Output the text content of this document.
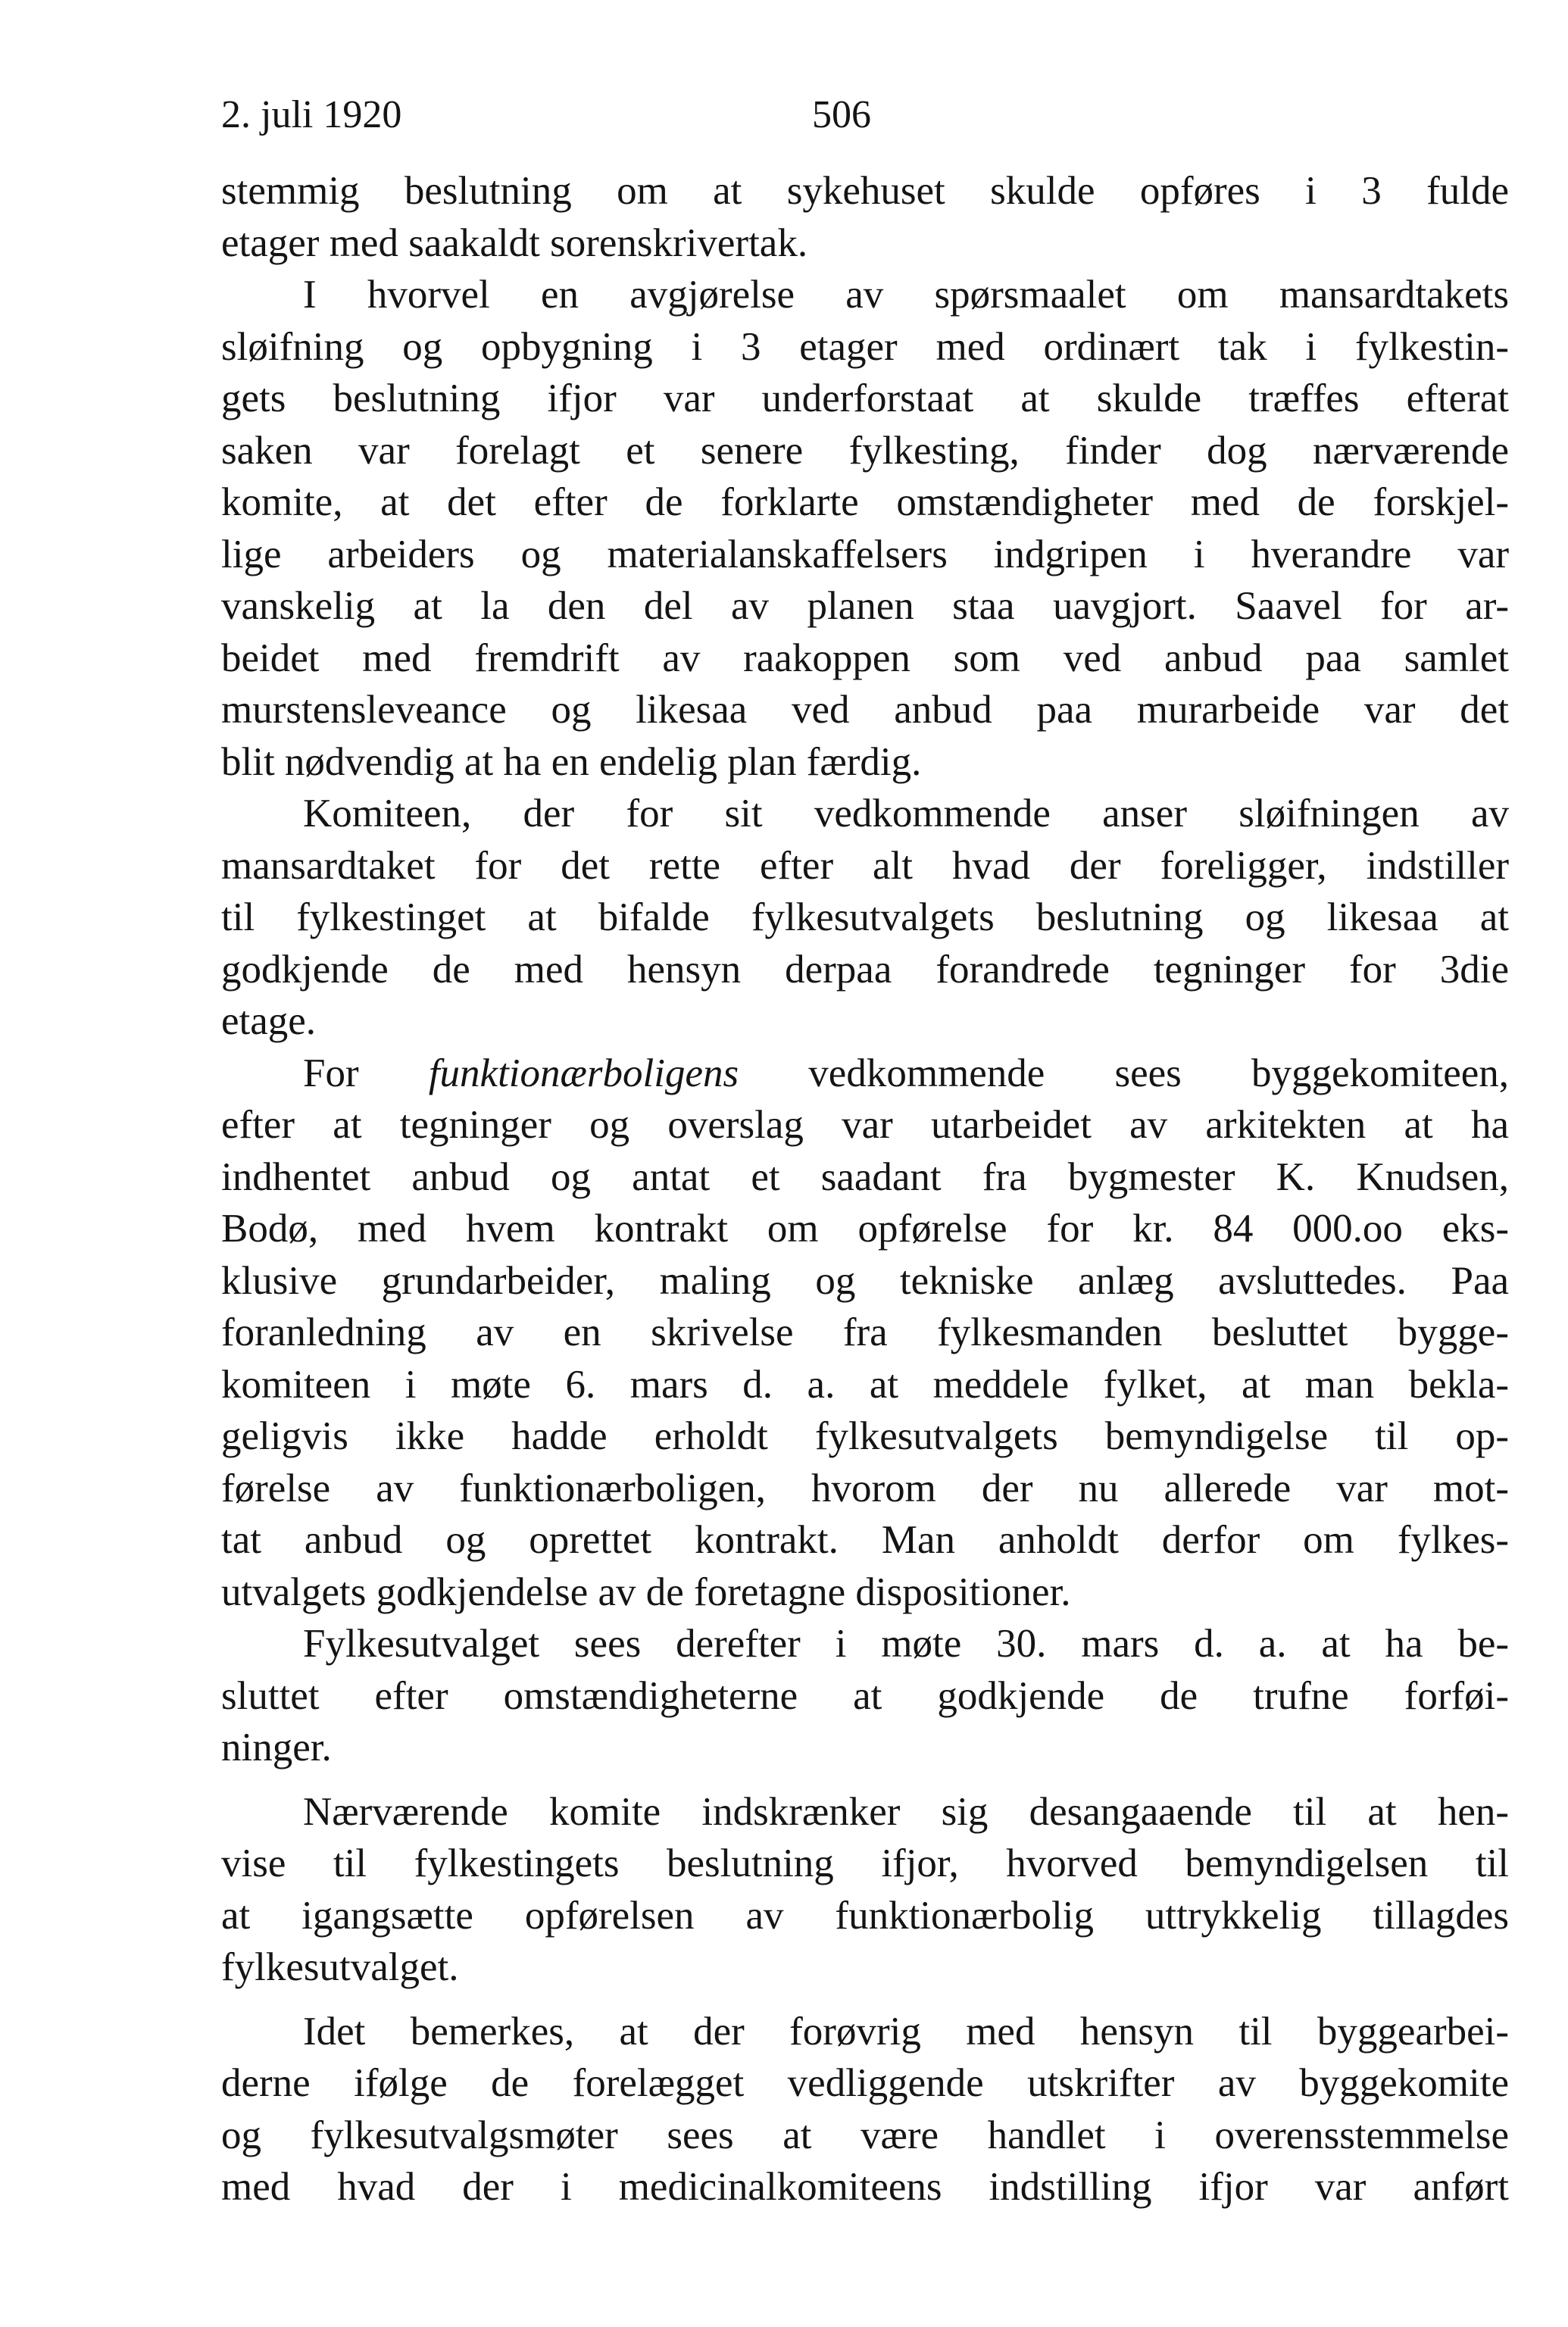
2. juli 1920	506
stemmig beslutning om at sykehuset skulde opføres i 3 fulde
etager med saakaldt sorenskrivertak.
I hvorvel en avgjørelse av spørsmaalet om mansardtakets
sløifning og opbygning i 3 etager med ordinært tak i fylkestin-
gets beslutning ifjor var underforstaat at skulde træffes efterat
saken var forelagt et senere fylkesting, finder dog nærværende
komite, at det efter de forklarte omstændigheter med de forskjel-
lige arbeiders og materialanskaffelsers indgripen i hverandre var
vanskelig at la den del av planen staa uavgjort. Saavel for ar-
beidet med fremdrift av raakoppen som ved anbud paa samlet
murstensleveance og likesaa ved anbud paa murarbeide var det
blit nødvendig at ha en endelig plan færdig.
Komiteen, der for sit vedkommende anser sløifningen av
mansardtaket for det rette efter alt hvad der foreligger, indstiller
til fylkestinget at bifalde fylkesutvalgets beslutning og likesaa at
godkjende de med hensyn derpaa forandrede tegninger for 3die
etage.
For funktionærboligens vedkommende sees byggekomiteen,
efter at tegninger og overslag var utarbeidet av arkitekten at ha
indhentet anbud og antat et saadant fra bygmester K. Knudsen,
Bodø, med hvem kontrakt om opførelse for kr. 84 000.oo eks-
klusive grundarbeider, maling og tekniske anlæg avsluttedes. Paa
foranledning av en skrivelse fra fylkesmanden besluttet bygge-
komiteen i møte 6. mars d. a. at meddele fylket, at man bekla-
geligvis ikke hadde erholdt fylkesutvalgets bemyndigelse til op-
førelse av funktionærboligen, hvorom der nu allerede var mot-
tat anbud og oprettet kontrakt. Man anholdt derfor om fylkes-
utvalgets godkjendelse av de foretagne dispositioner.
Fylkesutvalget sees derefter i møte 30. mars d. a. at ha be-
sluttet efter omstændigheterne at godkjende de trufne forføi-
ninger.
Nærværende komite indskrænker sig desangaaende til at hen-
vise til fylkestingets beslutning ifjor, hvorved bemyndigelsen til
at igangsætte opførelsen av funktionærbolig uttrykkelig tillagdes
fylkesutvalget.
Idet bemerkes, at der forøvrig med hensyn til byggearbei-
derne ifølge de forelægget vedliggende utskrifter av byggekomite
og fylkesutvalgsmøter sees at være handlet i overensstemmelse
med hvad der i medicinalkomiteens indstilling ifjor var anført
